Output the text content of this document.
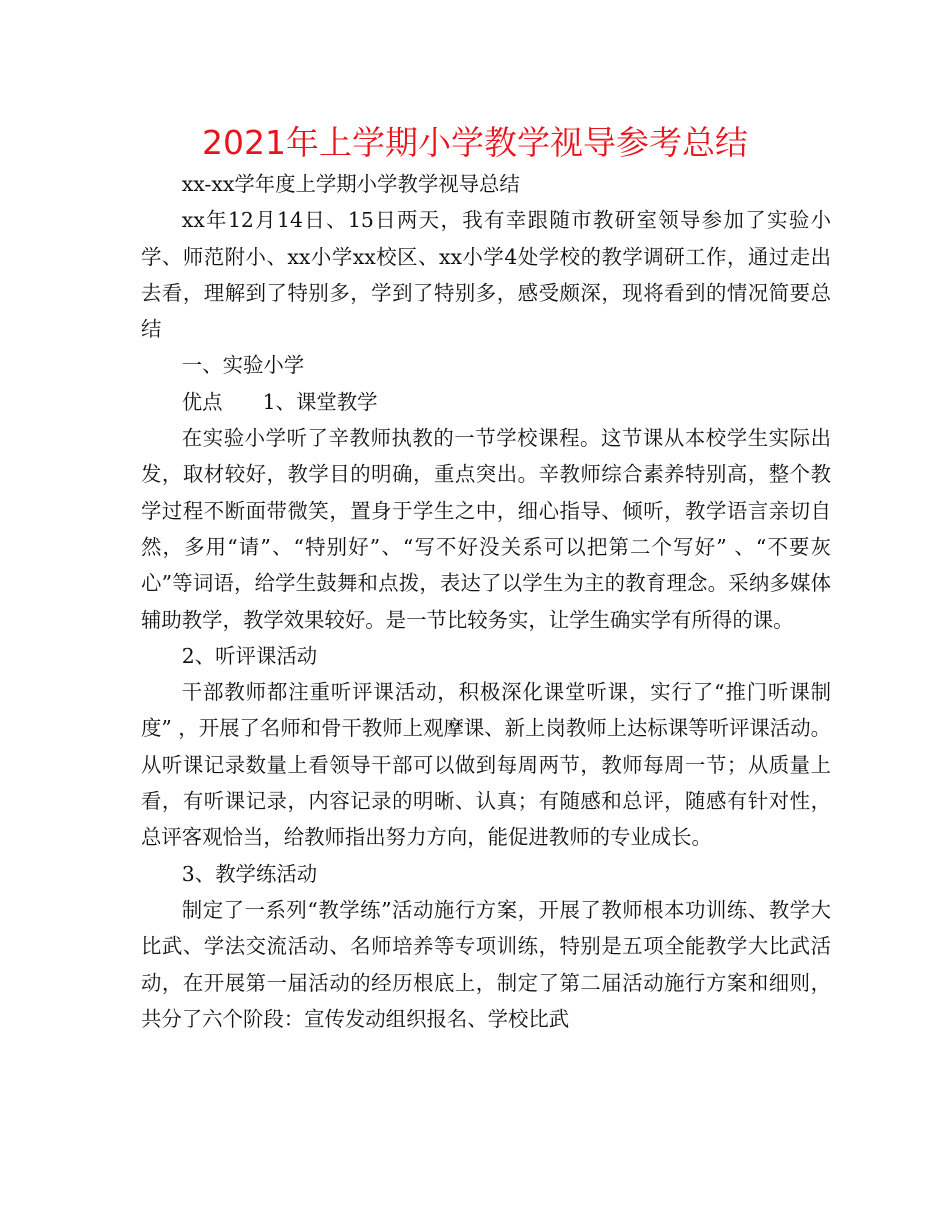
2021年上学期小学教学视导参考总结

xx-xx学年度上学期小学教学视导总结

xx年12月14日、15日两天，我有幸跟随市教研室领导参加了实验小学、师范附小、xx小学xx校区、xx小学4处学校的教学调研工作，通过走出去看，理解到了特别多，学到了特别多，感受颇深，现将看到的情况简要总结

一、实验小学

优点 1、课堂教学

在实验小学听了辛教师执教的一节学校课程。这节课从本校学生实际出发，取材较好，教学目的明确，重点突出。辛教师综合素养特别高，整个教学过程不断面带微笑，置身于学生之中，细心指导、倾听，教学语言亲切自然，多用“请”、“特别好”、“写不好没关系可以把第二个写好” 、“不要灰心”等词语，给学生鼓舞和点拨，表达了以学生为主的教育理念。采纳多媒体辅助教学，教学效果较好。是一节比较务实，让学生确实学有所得的课。

2、听评课活动

干部教师都注重听评课活动，积极深化课堂听课，实行了“推门听课制度” ，开展了名师和骨干教师上观摩课、新上岗教师上达标课等听评课活动。从听课记录数量上看领导干部可以做到每周两节，教师每周一节；从质量上看，有听课记录，内容记录的明晰、认真；有随感和总评，随感有针对性，总评客观恰当，给教师指出努力方向，能促进教师的专业成长。

3、教学练活动

制定了一系列“教学练”活动施行方案，开展了教师根本功训练、教学大比武、学法交流活动、名师培养等专项训练，特别是五项全能教学大比武活动，在开展第一届活动的经历根底上，制定了第二届活动施行方案和细则，共分了六个阶段：宣传发动组织报名、学校比武
